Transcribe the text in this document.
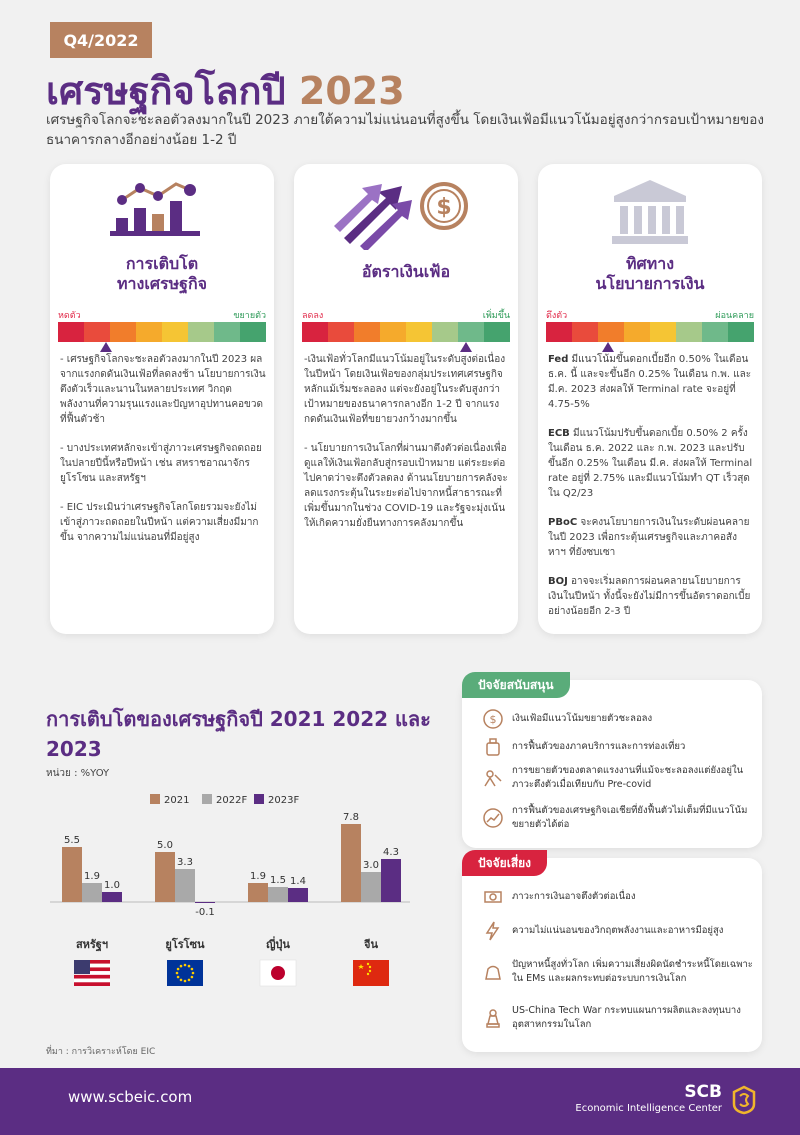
Q4/2022
เศรษฐกิจโลกปี 2023
เศรษฐกิจโลกจะชะลอตัวลงมากในปี 2023 ภายใต้ความไม่แน่นอนที่สูงขึ้น โดยเงินเฟ้อมีแนวโน้มอยู่สูงกว่ากรอบเป้าหมายของธนาคารกลางอีกอย่างน้อย 1-2 ปี
การเติบโต
ทางเศรษฐกิจ
หดตัว	ขยายตัว

- เศรษฐกิจโลกจะชะลอตัวลงมากในปี 2023 ผลจากแรงกดดันเงินเฟ้อที่ลดลงช้า นโยบายการเงินตึงตัวเร็วและนานในหลายประเทศ วิกฤตพลังงานที่ความรุนแรงและปัญหาอุปทานคอขวดที่ฟื้นตัวช้า

- บางประเทศหลักจะเข้าสู่ภาวะเศรษฐกิจถดถอยในปลายปีนี้หรือปีหน้า เช่น สหราชอาณาจักร ยูโรโซน และสหรัฐฯ

- EIC ประเมินว่าเศรษฐกิจโลกโดยรวมจะยังไม่เข้าสู่ภาวะถดถอยในปีหน้า แต่ความเสี่ยงมีมากขึ้น จากความไม่แน่นอนที่มีอยู่สูง

$
อัตราเงินเฟ้อ
ลดลง	เพิ่มขึ้น

-เงินเฟ้อทั่วโลกมีแนวโน้มอยู่ในระดับสูงต่อเนื่องในปีหน้า โดยเงินเฟ้อของกลุ่มประเทศเศรษฐกิจหลักแม้เริ่มชะลอลง แต่จะยังอยู่ในระดับสูงกว่าเป้าหมายของธนาคารกลางอีก 1-2 ปี จากแรงกดดันเงินเฟ้อที่ขยายวงกว้างมากขึ้น

- นโยบายการเงินโลกที่ผ่านมาตึงตัวต่อเนื่องเพื่อดูแลให้เงินเฟ้อกลับสู่กรอบเป้าหมาย แต่ระยะต่อไปคาดว่าจะตึงตัวลดลง ด้านนโยบายการคลังจะลดแรงกระตุ้นในระยะต่อไปจากหนี้สาธารณะที่เพิ่มขึ้นมากในช่วง COVID-19 และรัฐจะมุ่งเน้นให้เกิดความยั่งยืนทางการคลังมากขึ้น

ทิศทาง
นโยบายการเงิน
ตึงตัว	ผ่อนคลาย

Fed มีแนวโน้มขึ้นดอกเบี้ยอีก 0.50% ในเดือน ธ.ค. นี้ และจะขึ้นอีก 0.25% ในเดือน ก.พ. และ มี.ค. 2023 ส่งผลให้ Terminal rate จะอยู่ที่ 4.75-5%

ECB มีแนวโน้มปรับขึ้นดอกเบี้ย 0.50% 2 ครั้งในเดือน ธ.ค. 2022 และ ก.พ. 2023 และปรับขึ้นอีก 0.25% ในเดือน มี.ค. ส่งผลให้ Terminal rate อยู่ที่ 2.75% และมีแนวโน้มทำ QT เร็วสุดใน Q2/23

PBoC จะคงนโยบายการเงินในระดับผ่อนคลายในปี 2023 เพื่อกระตุ้นเศรษฐกิจและภาคอสังหาฯ ที่ยังซบเซา

BOJ อาจจะเริ่มลดการผ่อนคลายนโยบายการเงินในปีหน้า ทั้งนี้จะยังไม่มีการขึ้นอัตราดอกเบี้ยอย่างน้อยอีก 2-3 ปี

การเติบโตของเศรษฐกิจปี 2021 2022 และ 2023
หน่วย : %YOY
2021	2022F 2023F
5.5
1.9
1.0
สหรัฐฯ
5.0
3.3
-0.1
ยูโรโซน
1.9 1.5 1.4
ญี่ปุ่น
7.8
3.0
4.3
จีน
ที่มา : การวิเคราะห์โดย EIC
ปัจจัยสนับสนุน
$ เงินเฟ้อมีแนวโน้มขยายตัวชะลอลง
การฟื้นตัวของภาคบริการและการท่องเที่ยว
การขยายตัวของตลาดแรงงานที่แม้จะชะลอลงแต่ยังอยู่ในภาวะตึงตัวเมื่อเทียบกับ Pre-covid
การฟื้นตัวของเศรษฐกิจเอเชียที่ยังฟื้นตัวไม่เต็มที่มีแนวโน้มขยายตัวได้ต่อ
ปัจจัยเสี่ยง
ภาวะการเงินอาจตึงตัวต่อเนื่อง
ความไม่แน่นอนของวิกฤตพลังงานและอาหารมีอยู่สูง
ปัญหาหนี้สูงทั่วโลก เพิ่มความเสี่ยงผิดนัดชำระหนี้โดยเฉพาะใน EMs และผลกระทบต่อระบบการเงินโลก
US-China Tech War กระทบแผนการผลิตและลงทุนบางอุตสาหกรรมในโลก
www.scbeic.com	SCB
Economic Intelligence Center
